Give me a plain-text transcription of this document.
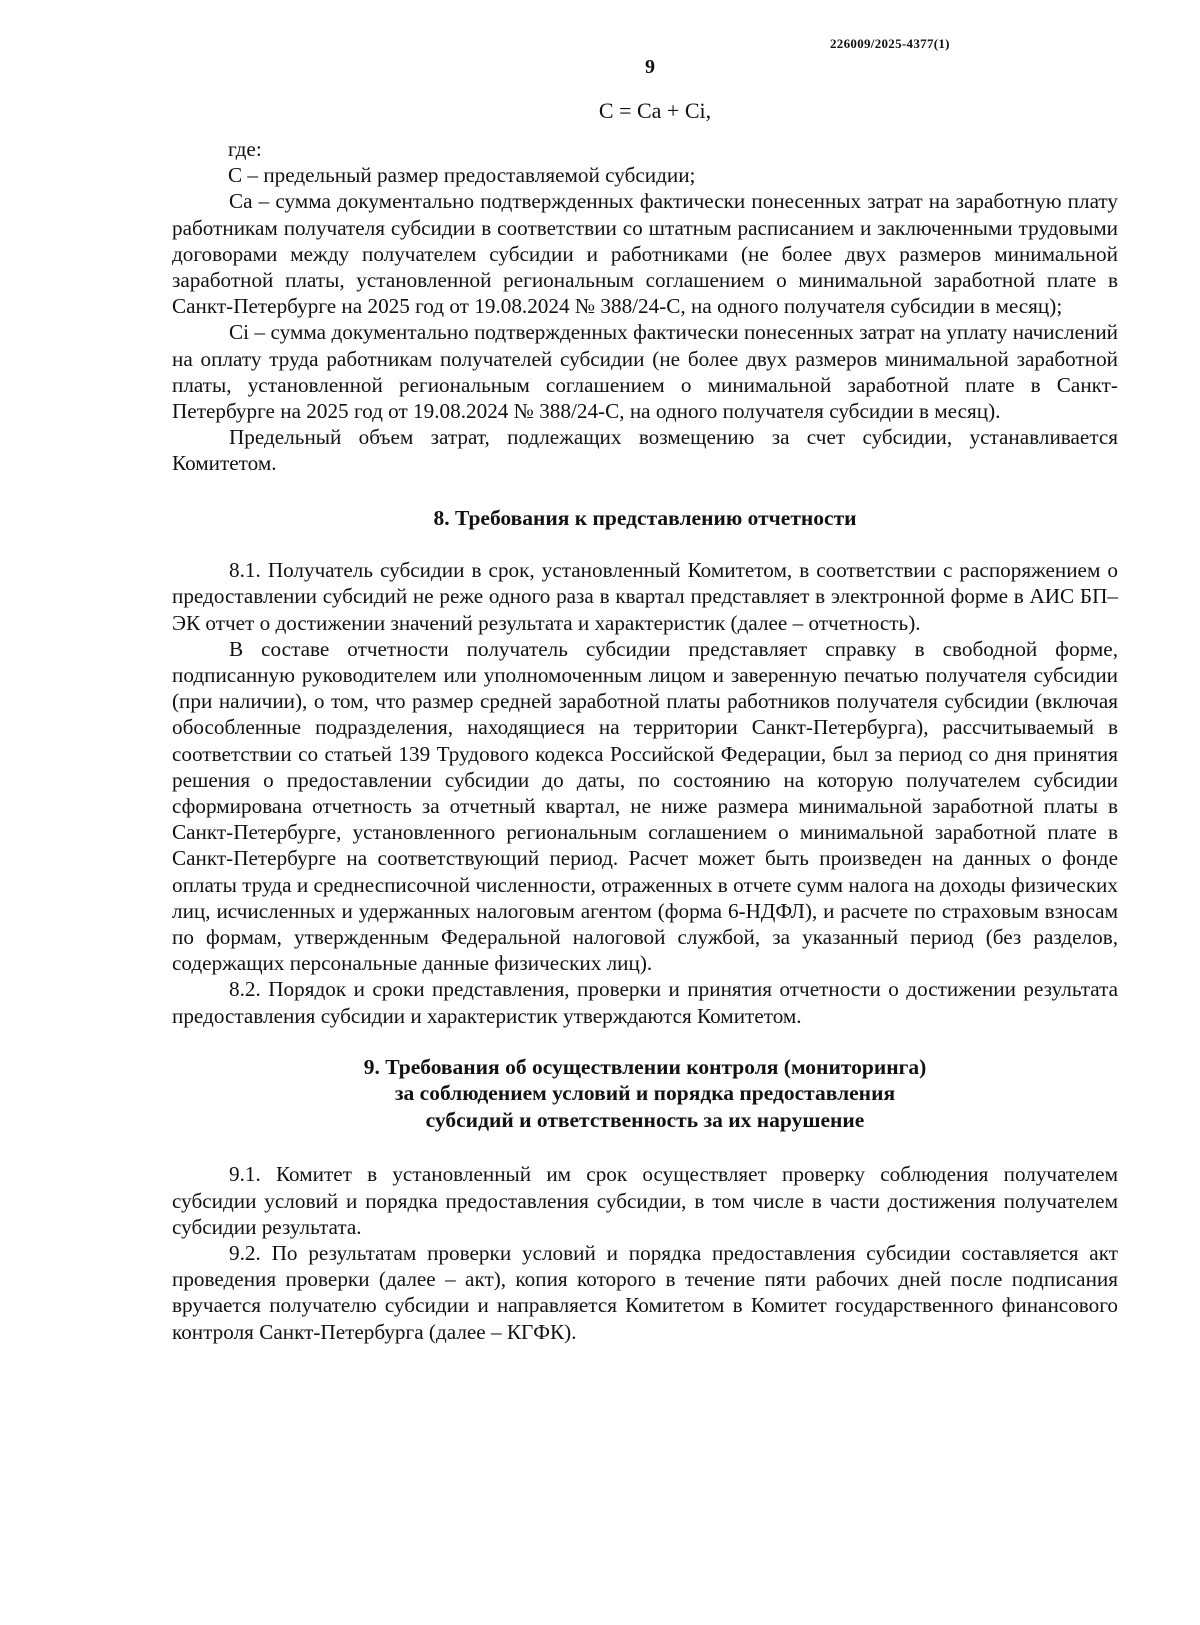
226009/2025-4377(1)
9
C = Ca + Ci,

где:

С – предельный размер предоставляемой субсидии;

Са – сумма документально подтвержденных фактически понесенных затрат на заработную плату работникам получателя субсидии в соответствии со штатным расписанием и заключенными трудовыми договорами между получателем субсидии и работниками (не более двух размеров минимальной заработной платы, установленной региональным соглашением о минимальной заработной плате в Санкт-Петербурге на 2025 год от 19.08.2024 № 388/24-С, на одного получателя субсидии в месяц);

Ci – сумма документально подтвержденных фактически понесенных затрат на уплату начислений на оплату труда работникам получателей субсидии (не более двух размеров минимальной заработной платы, установленной региональным соглашением о минимальной заработной плате в Санкт-Петербурге на 2025 год от 19.08.2024 № 388/24-С, на одного получателя субсидии в месяц).

Предельный объем затрат, подлежащих возмещению за счет субсидии, устанавливается Комитетом.

8. Требования к представлению отчетности

8.1. Получатель субсидии в срок, установленный Комитетом, в соответствии с распоряжением о предоставлении субсидий не реже одного раза в квартал представляет в электронной форме в АИС БП–ЭК отчет о достижении значений результата и характеристик (далее – отчетность).

В составе отчетности получатель субсидии представляет справку в свободной форме, подписанную руководителем или уполномоченным лицом и заверенную печатью получателя субсидии (при наличии), о том, что размер средней заработной платы работников получателя субсидии (включая обособленные подразделения, находящиеся на территории Санкт-Петербурга), рассчитываемый в соответствии со статьей 139 Трудового кодекса Российской Федерации, был за период со дня принятия решения о предоставлении субсидии до даты, по состоянию на которую получателем субсидии сформирована отчетность за отчетный квартал, не ниже размера минимальной заработной платы в Санкт-Петербурге, установленного региональным соглашением о минимальной заработной плате в Санкт-Петербурге на соответствующий период. Расчет может быть произведен на данных о фонде оплаты труда и среднесписочной численности, отраженных в отчете сумм налога на доходы физических лиц, исчисленных и удержанных налоговым агентом (форма 6-НДФЛ), и расчете по страховым взносам по формам, утвержденным Федеральной налоговой службой, за указанный период (без разделов, содержащих персональные данные физических лиц).

8.2. Порядок и сроки представления, проверки и принятия отчетности о достижении результата предоставления субсидии и характеристик утверждаются Комитетом.

9. Требования об осуществлении контроля (мониторинга)
за соблюдением условий и порядка предоставления
субсидий и ответственность за их нарушение

9.1. Комитет в установленный им срок осуществляет проверку соблюдения получателем субсидии условий и порядка предоставления субсидии, в том числе в части достижения получателем субсидии результата.

9.2. По результатам проверки условий и порядка предоставления субсидии составляется акт проведения проверки (далее – акт), копия которого в течение пяти рабочих дней после подписания вручается получателю субсидии и направляется Комитетом в Комитет государственного финансового контроля Санкт-Петербурга (далее – КГФК).
